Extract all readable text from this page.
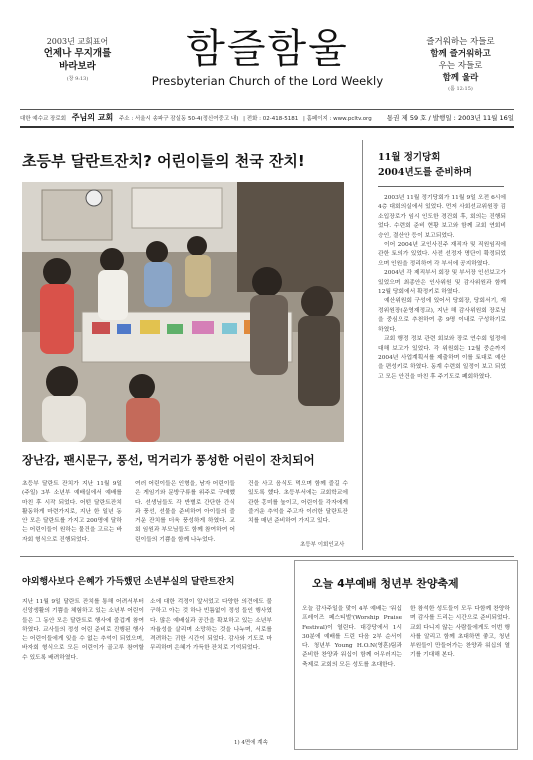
2003년 교회표어
언제나 무지개를
바라보라
(창 9:13)
함즐함울
Presbyterian Church of the Lord Weekly
즐거워하는 자들로
함께 즐거워하고
우는 자들로
함께 울라
(롬 12:15)
대한 예수교 장로회 주님의 교회 주소 : 서울시 송파구 잠실동 50-4(정신여중고 내) | 전화 : 02-418-5181 | 홈페이지 : www.pcltv.org 통권 제 59 호 / 발행일 : 2003년 11월 16일
초등부 달란트잔치? 어린이들의 천국 잔치!
장난감, 팬시문구, 풍선, 먹거리가 풍성한 어린이 잔치되어
초등부 달란트 잔치가 지난 11월 9일(주일) 3부 소년부 예배실에서 예배를 마친 후 시작 되었다. 어떤 달란트잔치 활동하게 마련가지로, 지난 한 일년 동안 모은 달란트를 가지고 200명에 달하는 어린이들이 원하는 물건을 고르는 바자회 형식으로 진행되었다.
여러 어린이들은 인형을, 남자 어린이들은 게임기와 문방구류를 위주로 구매했다. 선생님들도 각 반별로 간단한 간식과 풍선, 선물을 준비하여 아이들의 즐거운 잔치를 더욱 풍성하게 하였다. 교회 임원과 부모님들도 함께 참여하여 어린이들의 기쁨을 함께 나누었다.
건을 사고 음식도 먹으며 함께 즐길 수 있도록 했다. 초등부서에는 교회학교에 관한 홍미를 높이고, 어린이들 각자에게 즐거운 추억을 주고자 이러한 달란트잔치를 매년 준비하여 가지고 있다.
초등부 이회인교사
11월 정기당회
2004년도를 준비하며

2003년 11월 정기당회가 11월 9일 오전 6시에 4층 대회의실에서 있었다. 먼저 사회선교위원장 김소입장로가 임시 인도한 경건회 후, 회의는 진행되었다. 수련회 준비 현황 보고와 함께 교회 연회비 승인, 결산안 등이 보고되었다.

이어 2004년 교인사진주 재직자 및 직원임직에 관한 토의가 있었다. 사전 선정자 명단이 확정되었으며 인원을 정리하여 각 부서에 공지하였다.

2004년 각 제직부서 회장 및 부서장 인선보고가 있었으며 최종안은 인사위원 및 감사위원과 함께 12월 당회에서 확정키로 하였다.

예산위원회 구성에 있어서 당회장, 당회서기, 재정위원장(운영재정교), 지난 해 감사위원회 장로님을 중심으로 추천하여 총 9명 이내로 구성하기로 하였다.

교회 행정 정보 관련 회보와 장로 연수회 일정에 대해 보고가 있었다. 각 위원회는 12월 중순까지 2004년 사업계획서를 제출하며 이를 토대로 예산을 편성키로 하였다. 동계 수련회 일정이 보고 되었고 모든 안건을 마친 후 주기도로 폐회하였다.

야외행사보다 은혜가 가득했던 소년부실의 달란트잔치
지난 11월 9일 달란트 잔치를 통해 어려서부터 신앙생활의 기쁨을 체험하고 있는 소년부 어린이들은 그 동안 모은 달란트로 행사에 즐겁게 참여하였다. 교사들의 정성 어린 준비로 진행된 행사는 어린이들에게 잊을 수 없는 추억이 되었으며, 바자회 형식으로 모든 어린이가 골고루 참여할 수 있도록 배려하였다.
소에 대한 걱정이 앞서었고 다양한 의견에도 불구하고 아는 것 하나 빈틈없이 정성 들인 행사였다. 많은 예배실과 공간을 확보하고 있는 소년부 자율성을 살리며 소망하는 것을 나누며, 서로를 격려하는 귀한 시간이 되었다. 감사와 기도로 마무리하며 은혜가 가득한 잔치로 기억되었다.
1) 4면에 계속
오늘 4부예배 청년부 찬양축제
오늘 감사주일을 맞이 4부 예배는 '워십 프레이즈 페스티벌'(Worship Praise Festival)이 열린다. 대강당에서 1시 30분에 예배를 드린 다음 2부 순서이다. 청년부 Young H.O.N(영혼)팀과 준비한 찬양과 워십이 함께 어우러지는 축제로 교회의 모든 성도를 초대한다.
한 참석한 성도들이 모두 다함께 찬양하며 감사를 드리는 시간으로 준비되었다. 교회 다니지 않는 사람들에게도 이번 행사를 알리고 함께 초대하면 좋고, 청년부원들이 만들어가는 찬양과 워십의 열기를 기대해 본다.
